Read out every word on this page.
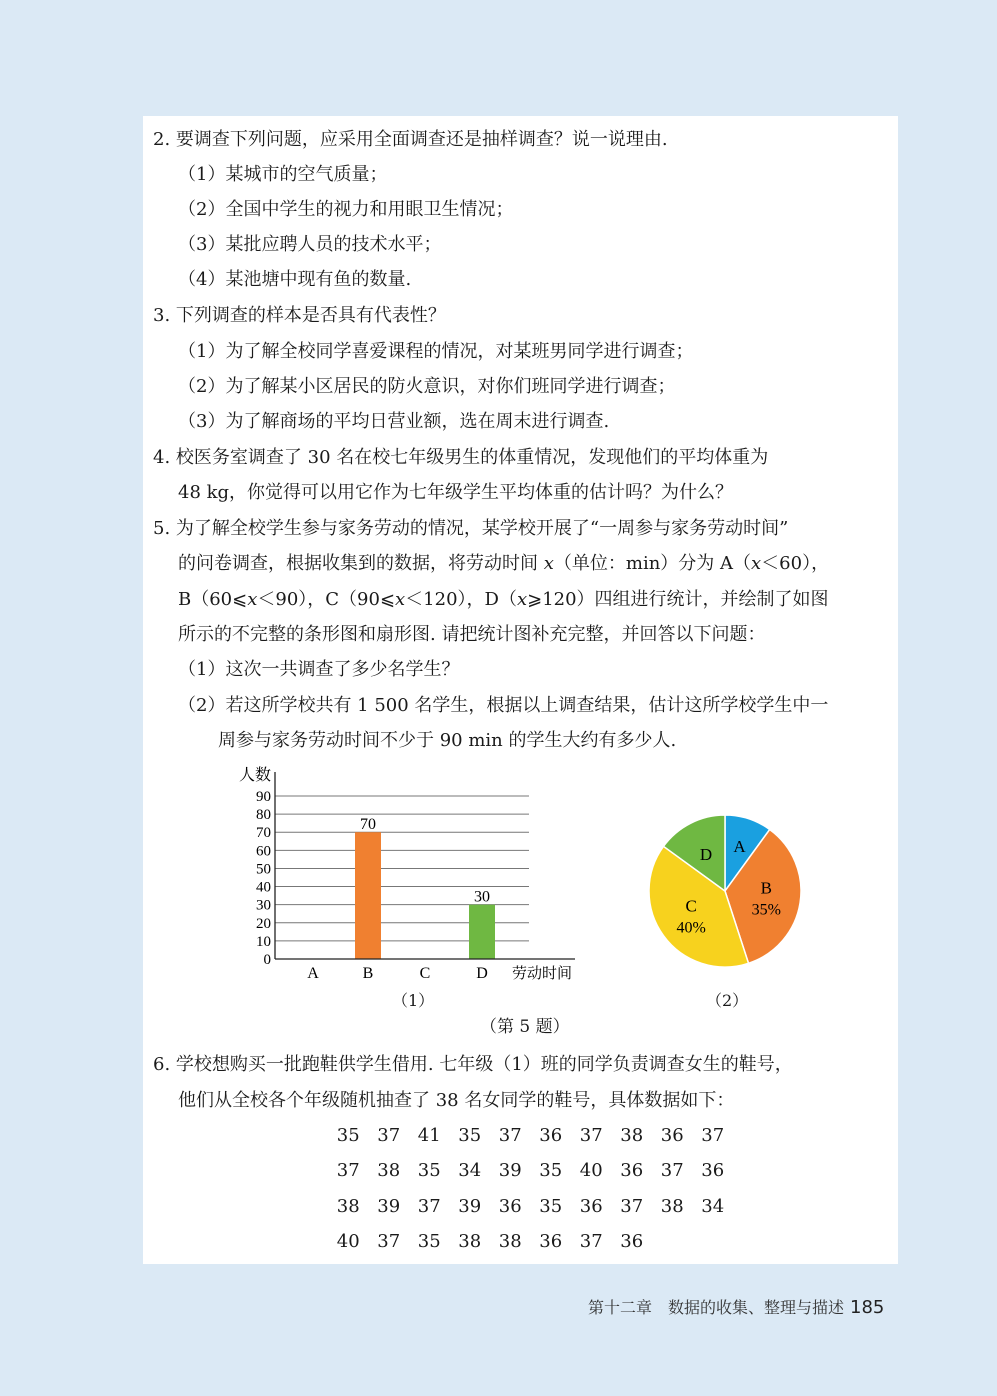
2. 要调查下列问题，应采用全面调查还是抽样调查？说一说理由.
（1）某城市的空气质量；
（2）全国中学生的视力和用眼卫生情况；
（3）某批应聘人员的技术水平；
（4）某池塘中现有鱼的数量.
3. 下列调查的样本是否具有代表性？
（1）为了解全校同学喜爱课程的情况，对某班男同学进行调查；
（2）为了解某小区居民的防火意识，对你们班同学进行调查；
（3）为了解商场的平均日营业额，选在周末进行调查.
4. 校医务室调查了 30 名在校七年级男生的体重情况，发现他们的平均体重为
48 kg，你觉得可以用它作为七年级学生平均体重的估计吗？为什么？
5. 为了解全校学生参与家务劳动的情况，某学校开展了“一周参与家务劳动时间”
的问卷调查，根据收集到的数据，将劳动时间 𝑥（单位：min）分为 A（𝑥＜60），
B（60⩽𝑥＜90），C（90⩽𝑥＜120），D（𝑥⩾120）四组进行统计，并绘制了如图
所示的不完整的条形图和扇形图. 请把统计图补充完整，并回答以下问题：
（1）这次一共调查了多少名学生？
（2）若这所学校共有 1 500 名学生，根据以上调查结果，估计这所学校学生中一
周参与家务劳动时间不少于 90 min 的学生大约有多少人.
70
30
0
10
20
30
40
50
60
70
80
90
A	B	C	D
人数
劳动时间
（1）
A
B
35%
C
40%
D
（2）
（第 5 题）
6. 学校想购买一批跑鞋供学生借用. 七年级（1）班的同学负责调查女生的鞋号，
他们从全校各个年级随机抽查了 38 名女同学的鞋号，具体数据如下：
35 37 41 35 37 36 37 38 36 37
37 38 35 34 39 35 40 36 37 36
38 39 37 39 36 35 36 37 38 34
40 37 35 38 38 36 37 36
第十二章　数据的收集、整理与描述 185
